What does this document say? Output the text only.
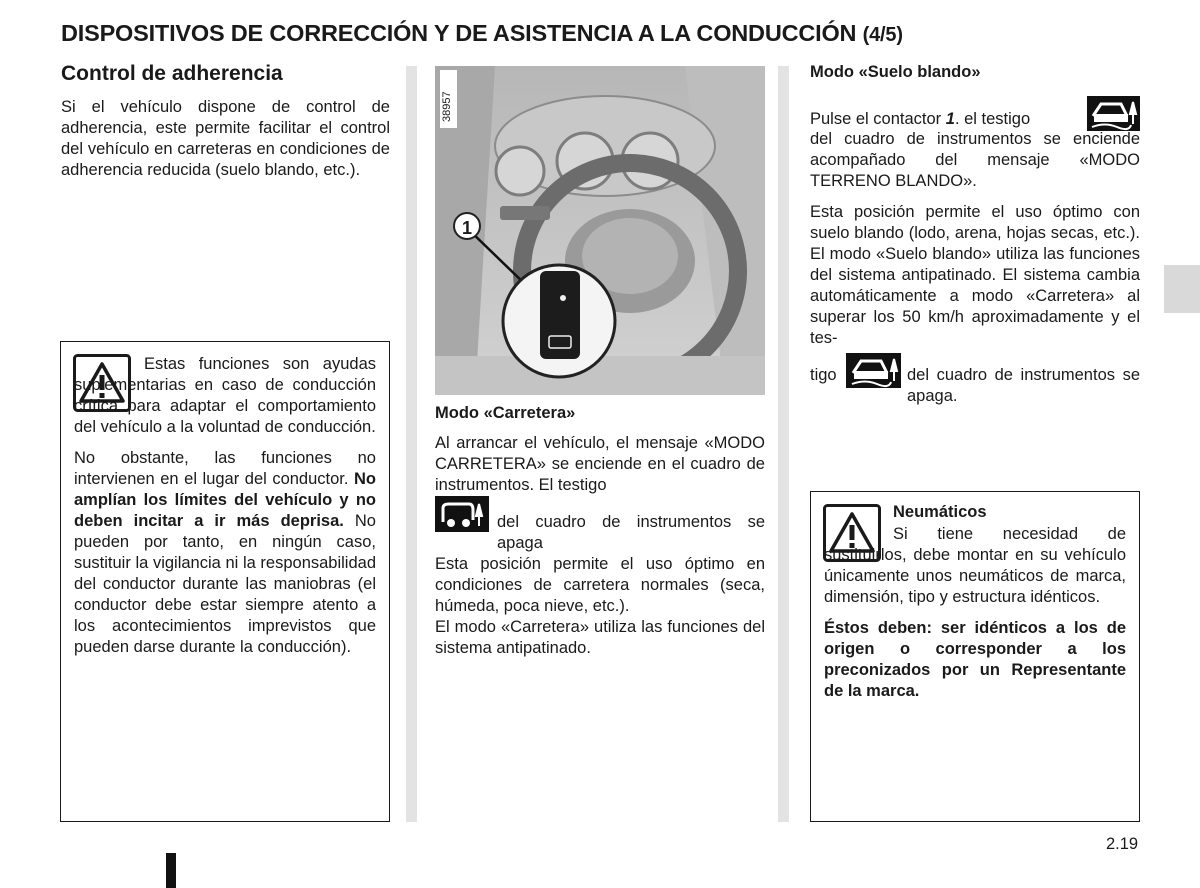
DISPOSITIVOS DE CORRECCIÓN Y DE ASISTENCIA A LA CONDUCCIÓN (4/5)
Control de adherencia

Si el vehículo dispone de control de adherencia, este permite facilitar el control del vehículo en carreteras en condiciones de adherencia reducida (suelo blando, etc.).

Estas funciones son ayudas suplementarias en caso de conducción crítica para adaptar el comportamiento del vehículo a la voluntad de conducción.

No obstante, las funciones no intervienen en el lugar del conductor. No amplían los límites del vehículo y no deben incitar a ir más deprisa. No pueden por tanto, en ningún caso, sustituir la vigilancia ni la responsabilidad del conductor durante las maniobras (el conductor debe estar siempre atento a los acontecimientos imprevistos que pueden darse durante la conducción).

38957
1
Modo «Carretera»

Al arrancar el vehículo, el mensaje «MODO CARRETERA» se enciende en el cuadro de instrumentos. El testigo

del cuadro de instrumentos se apaga

Esta posición permite el uso óptimo en condiciones de carretera normales (seca, húmeda, poca nieve, etc.).

El modo «Carretera» utiliza las funciones del sistema antipatinado.

Modo «Suelo blando»

Pulse el contactor 1. el testigo

del cuadro de instrumentos se enciende acompañado del mensaje «MODO TERRENO BLANDO».

Esta posición permite el uso óptimo con suelo blando (lodo, arena, hojas secas, etc.). El modo «Suelo blando» utiliza las funciones del sistema antipatinado. El sistema cambia automáticamente a modo «Carretera» al superar los 50 km/h aproximadamente y el tes-

tigo	del cuadro de instrumentos se apaga.

Neumáticos

Si tiene necesidad de sustituirlos, debe montar en su vehículo únicamente unos neumáticos de marca, dimensión, tipo y estructura idénticos.

Éstos deben: ser idénticos a los de origen o corresponder a los preconizados por un Representante de la marca.

2.19
